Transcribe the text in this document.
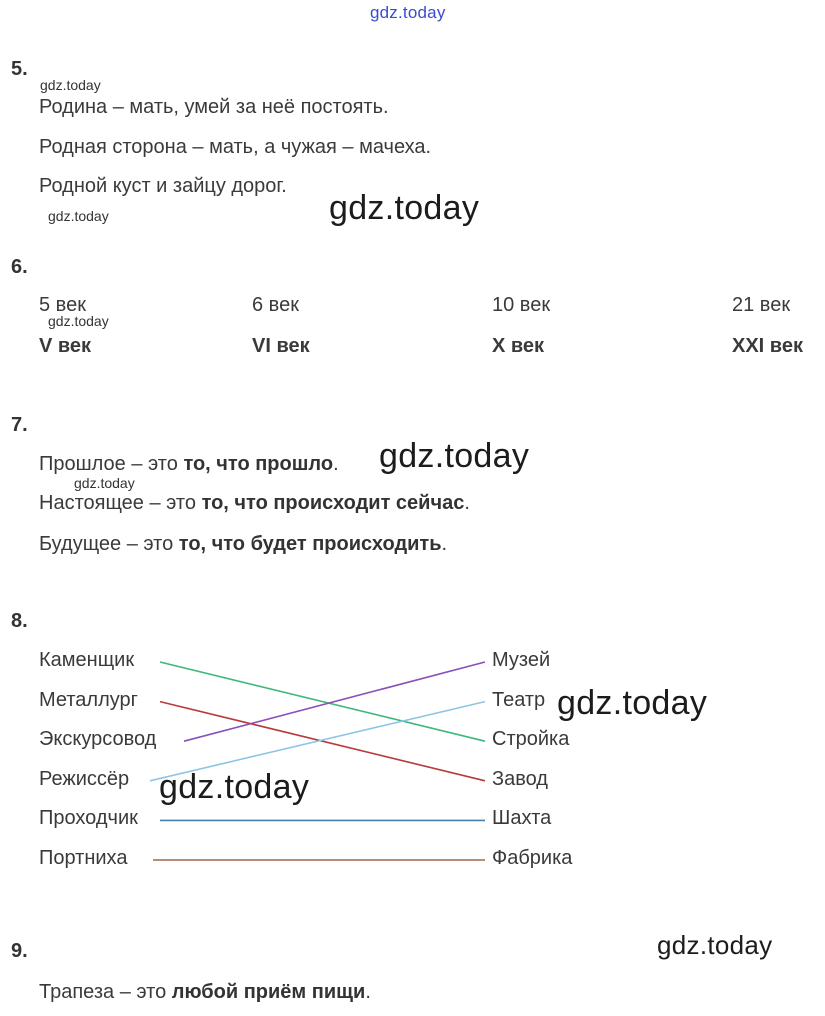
gdz.today
5.
gdz.today
Родина – мать, умей за неё постоять.
Родная сторона – мать, а чужая – мачеха.
Родной куст и зайцу дорог.
gdz.today	gdz.today
6.
5 век	6 век	10 век	21 век
gdz.today
V век	VI век	X век	XXI век
7.
Прошлое – это то, что прошло. gdz.today
gdz.today
Настоящее – это то, что происходит сейчас.
Будущее – это то, что будет происходить.
8.
Каменщик
Металлург
Экскурсовод
Режиссёр
Проходчик
Портниха
Музей
Театр
Стройка
Завод
Шахта
Фабрика
gdz.today
gdz.today
9.	gdz.today
Трапеза – это любой приём пищи.
